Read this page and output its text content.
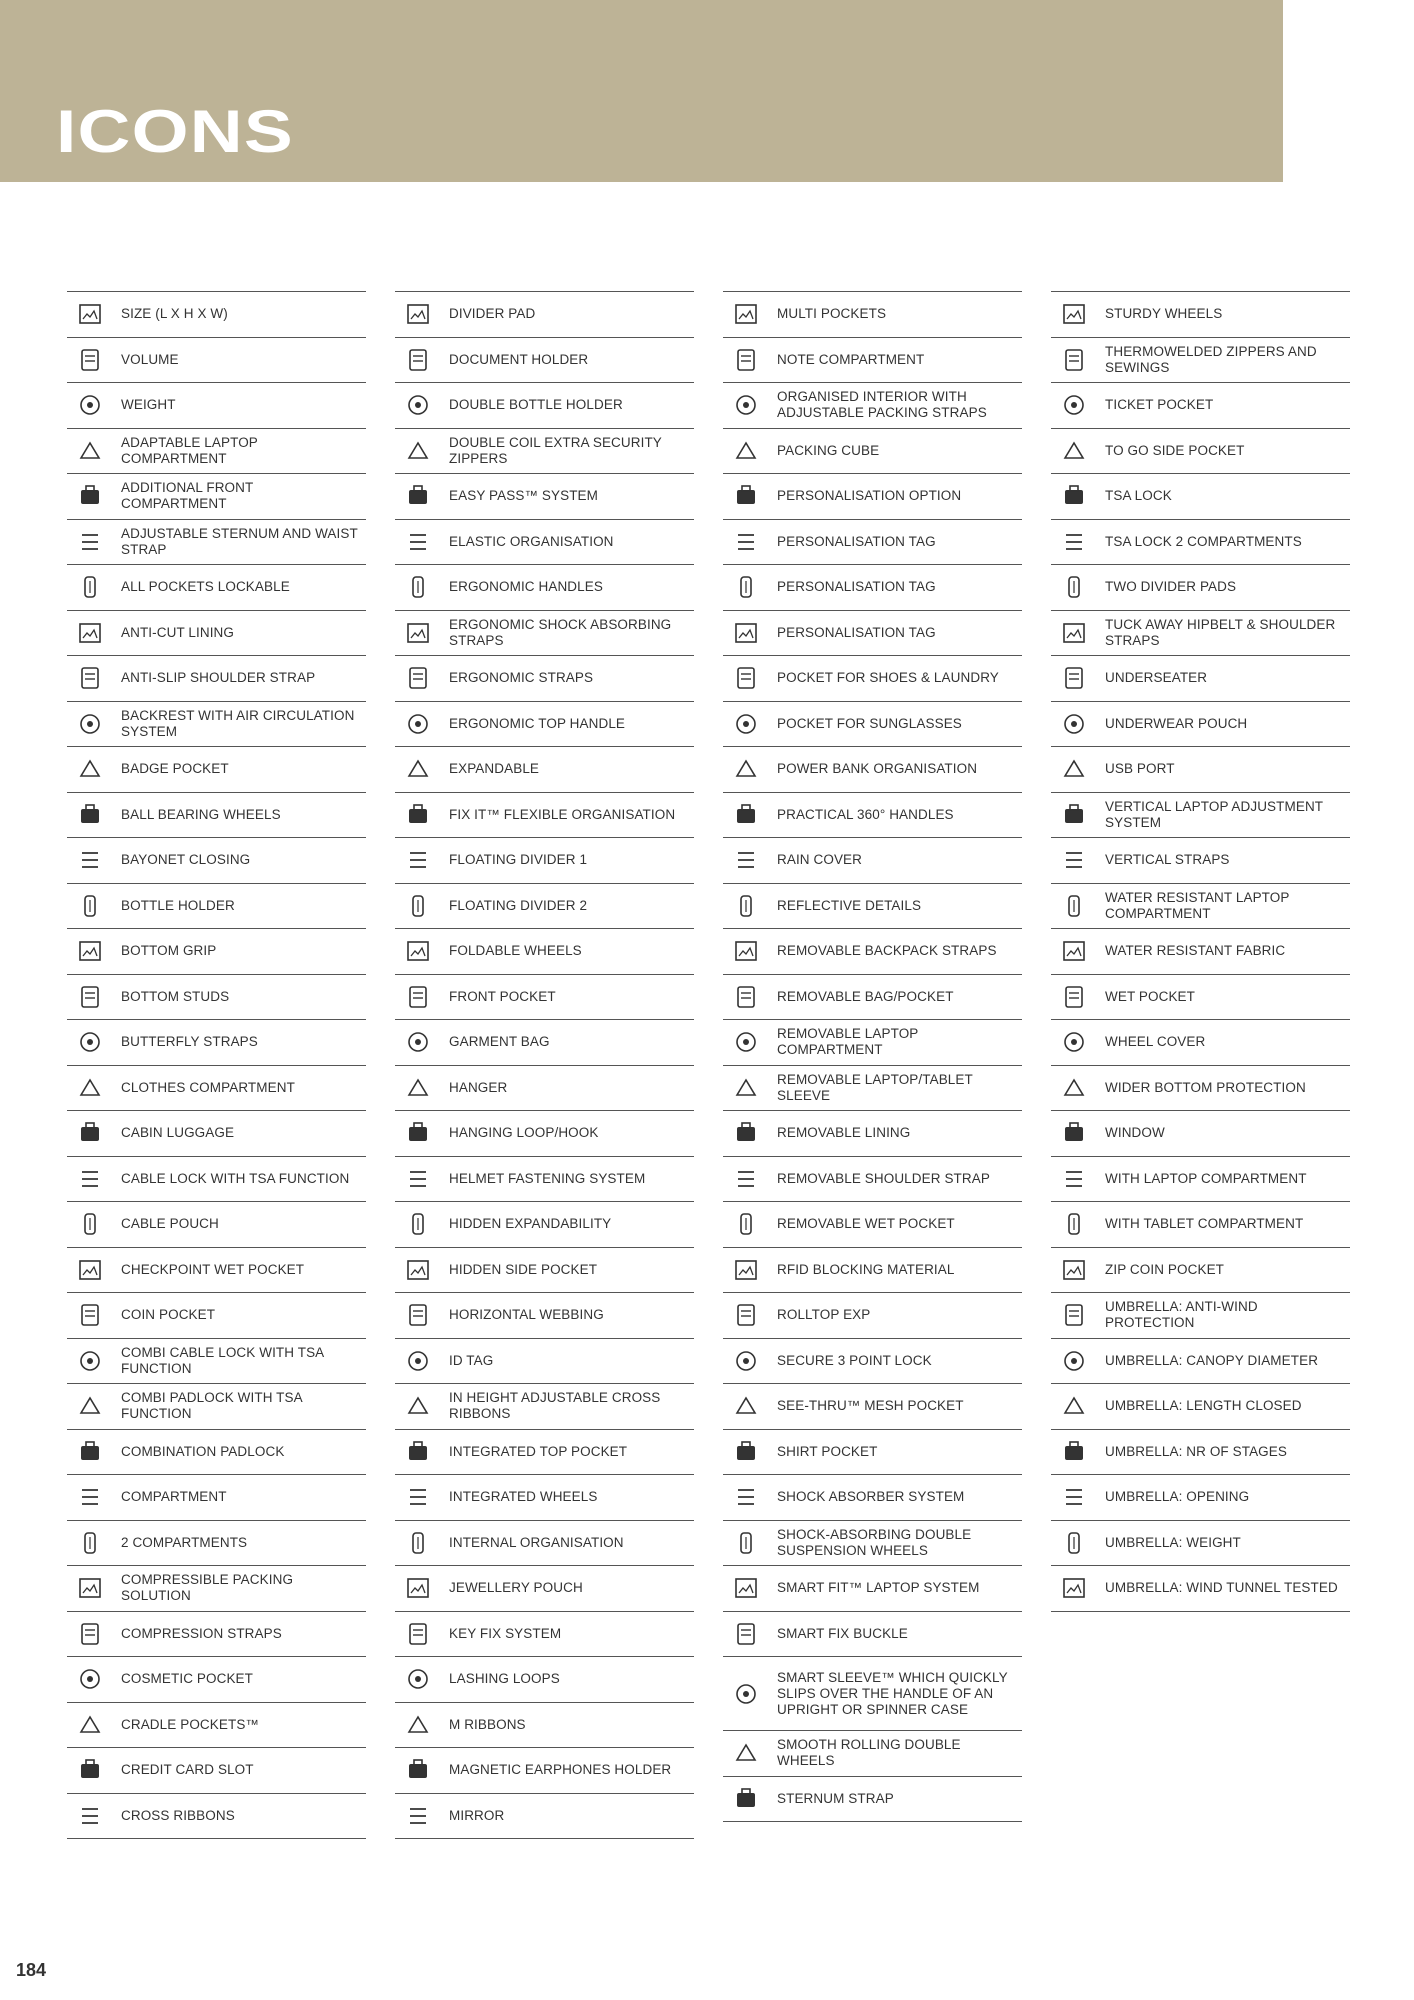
ICONS
SIZE (L X H X W)
VOLUME
WEIGHT
ADAPTABLE LAPTOP COMPARTMENT
ADDITIONAL FRONT COMPARTMENT
ADJUSTABLE STERNUM AND WAIST STRAP
ALL POCKETS LOCKABLE
ANTI-CUT LINING
ANTI-SLIP SHOULDER STRAP
BACKREST WITH AIR CIRCULATION SYSTEM
BADGE POCKET
BALL BEARING WHEELS
BAYONET CLOSING
BOTTLE HOLDER
BOTTOM GRIP
BOTTOM STUDS
BUTTERFLY STRAPS
CLOTHES COMPARTMENT
CABIN LUGGAGE
CABLE LOCK WITH TSA FUNCTION
CABLE POUCH
CHECKPOINT WET POCKET
COIN POCKET
COMBI CABLE LOCK WITH TSA FUNCTION
COMBI PADLOCK WITH TSA FUNCTION
COMBINATION PADLOCK
COMPARTMENT
2 COMPARTMENTS
COMPRESSIBLE PACKING SOLUTION
COMPRESSION STRAPS
COSMETIC POCKET
CRADLE POCKETS™
CREDIT CARD SLOT
CROSS RIBBONS
DIVIDER PAD
DOCUMENT HOLDER
DOUBLE BOTTLE HOLDER
DOUBLE COIL EXTRA SECURITY ZIPPERS
EASY PASS™ SYSTEM
ELASTIC ORGANISATION
ERGONOMIC HANDLES
ERGONOMIC SHOCK ABSORBING STRAPS
ERGONOMIC STRAPS
ERGONOMIC TOP HANDLE
EXPANDABLE
FIX IT™ FLEXIBLE ORGANISATION
FLOATING DIVIDER 1
FLOATING DIVIDER 2
FOLDABLE WHEELS
FRONT POCKET
GARMENT BAG
HANGER
HANGING LOOP/HOOK
HELMET FASTENING SYSTEM
HIDDEN EXPANDABILITY
HIDDEN SIDE POCKET
HORIZONTAL WEBBING
ID TAG
IN HEIGHT ADJUSTABLE CROSS RIBBONS
INTEGRATED TOP POCKET
INTEGRATED WHEELS
INTERNAL ORGANISATION
JEWELLERY POUCH
KEY FIX SYSTEM
LASHING LOOPS
M RIBBONS
MAGNETIC EARPHONES HOLDER
MIRROR
MULTI POCKETS
NOTE COMPARTMENT
ORGANISED INTERIOR WITH ADJUSTABLE PACKING STRAPS
PACKING CUBE
PERSONALISATION OPTION
PERSONALISATION TAG
PERSONALISATION TAG
PERSONALISATION TAG
POCKET FOR SHOES & LAUNDRY
POCKET FOR SUNGLASSES
POWER BANK ORGANISATION
PRACTICAL 360° HANDLES
RAIN COVER
REFLECTIVE DETAILS
REMOVABLE BACKPACK STRAPS
REMOVABLE BAG/POCKET
REMOVABLE LAPTOP COMPARTMENT
REMOVABLE LAPTOP/TABLET SLEEVE
REMOVABLE LINING
REMOVABLE SHOULDER STRAP
REMOVABLE WET POCKET
RFID BLOCKING MATERIAL
ROLLTOP EXP
SECURE 3 POINT LOCK
SEE-THRU™ MESH POCKET
SHIRT POCKET
SHOCK ABSORBER SYSTEM
SHOCK-ABSORBING DOUBLE SUSPENSION WHEELS
SMART FIT™ LAPTOP SYSTEM
SMART FIX BUCKLE
SMART SLEEVE™ WHICH QUICKLY SLIPS OVER THE HANDLE OF AN UPRIGHT OR SPINNER CASE
SMOOTH ROLLING DOUBLE WHEELS
STERNUM STRAP
STURDY WHEELS
THERMOWELDED ZIPPERS AND SEWINGS
TICKET POCKET
TO GO SIDE POCKET
TSA LOCK
TSA LOCK 2 COMPARTMENTS
TWO DIVIDER PADS
TUCK AWAY HIPBELT & SHOULDER STRAPS
UNDERSEATER
UNDERWEAR POUCH
USB PORT
VERTICAL LAPTOP ADJUSTMENT SYSTEM
VERTICAL STRAPS
WATER RESISTANT LAPTOP COMPARTMENT
WATER RESISTANT FABRIC
WET POCKET
WHEEL COVER
WIDER BOTTOM PROTECTION
WINDOW
WITH LAPTOP COMPARTMENT
WITH TABLET COMPARTMENT
ZIP COIN POCKET
UMBRELLA: ANTI-WIND PROTECTION
UMBRELLA: CANOPY DIAMETER
UMBRELLA: LENGTH CLOSED
UMBRELLA: NR OF STAGES
UMBRELLA: OPENING
UMBRELLA: WEIGHT
UMBRELLA: WIND TUNNEL TESTED
184
